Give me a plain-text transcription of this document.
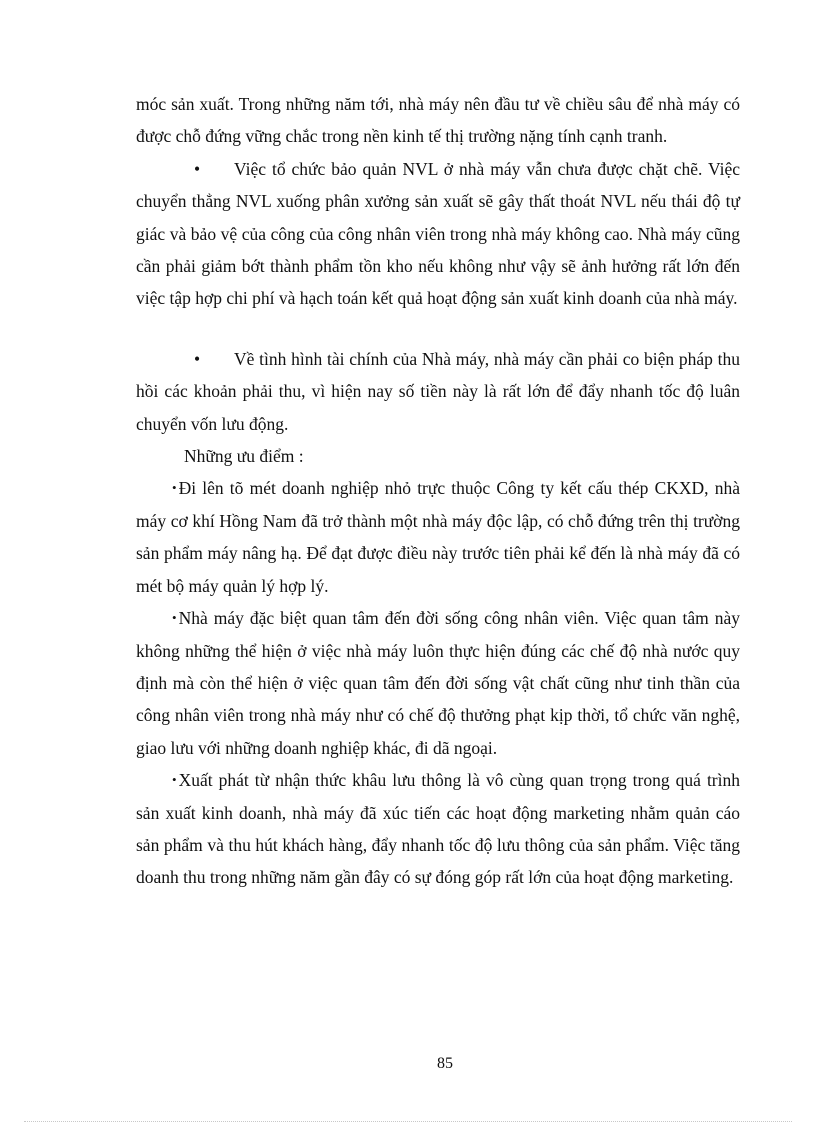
móc sản xuất. Trong những năm tới, nhà máy nên đầu tư về chiều sâu để nhà máy có được chỗ đứng vững chắc trong nền kinh tế thị trường nặng tính cạnh tranh.

• Việc tổ chức bảo quản NVL ở nhà máy vẫn chưa được chặt chẽ. Việc chuyển thẳng NVL xuống phân xưởng sản xuất sẽ gây thất thoát NVL nếu thái độ tự giác và bảo vệ của công của công nhân viên trong nhà máy không cao. Nhà máy cũng cần phải giảm bớt thành phẩm tồn kho nếu không như vậy sẽ ảnh hưởng rất lớn đến việc tập hợp chi phí và hạch toán kết quả hoạt động sản xuất kinh doanh của nhà máy.

• Về tình hình tài chính của Nhà máy, nhà máy cần phải co biện pháp thu hồi các khoản phải thu, vì hiện nay số tiền này là rất lớn để đẩy nhanh tốc độ luân chuyển vốn lưu động.

Những ưu điểm :

• Đi lên tõ mét doanh nghiệp nhỏ trực thuộc Công ty kết cấu thép CKXD, nhà máy cơ khí Hồng Nam đã trở thành một nhà máy độc lập, có chỗ đứng trên thị trường sản phẩm máy nâng hạ. Để đạt được điều này trước tiên phải kể đến là nhà máy đã có mét bộ máy quản lý hợp lý.

• Nhà máy đặc biệt quan tâm đến đời sống công nhân viên. Việc quan tâm này không những thể hiện ở việc nhà máy luôn thực hiện đúng các chế độ nhà nước quy định mà còn thể hiện ở việc quan tâm đến đời sống vật chất cũng như tinh thần của công nhân viên trong nhà máy như có chế độ thưởng phạt kịp thời, tổ chức văn nghệ, giao lưu với những doanh nghiệp khác, đi dã ngoại.

• Xuất phát từ nhận thức khâu lưu thông là vô cùng quan trọng trong quá trình sản xuất kinh doanh, nhà máy đã xúc tiến các hoạt động marketing nhằm quản cáo sản phẩm và thu hút khách hàng, đẩy nhanh tốc độ lưu thông của sản phẩm. Việc tăng doanh thu trong những năm gần đây có sự đóng góp rất lớn của hoạt động marketing.

85
